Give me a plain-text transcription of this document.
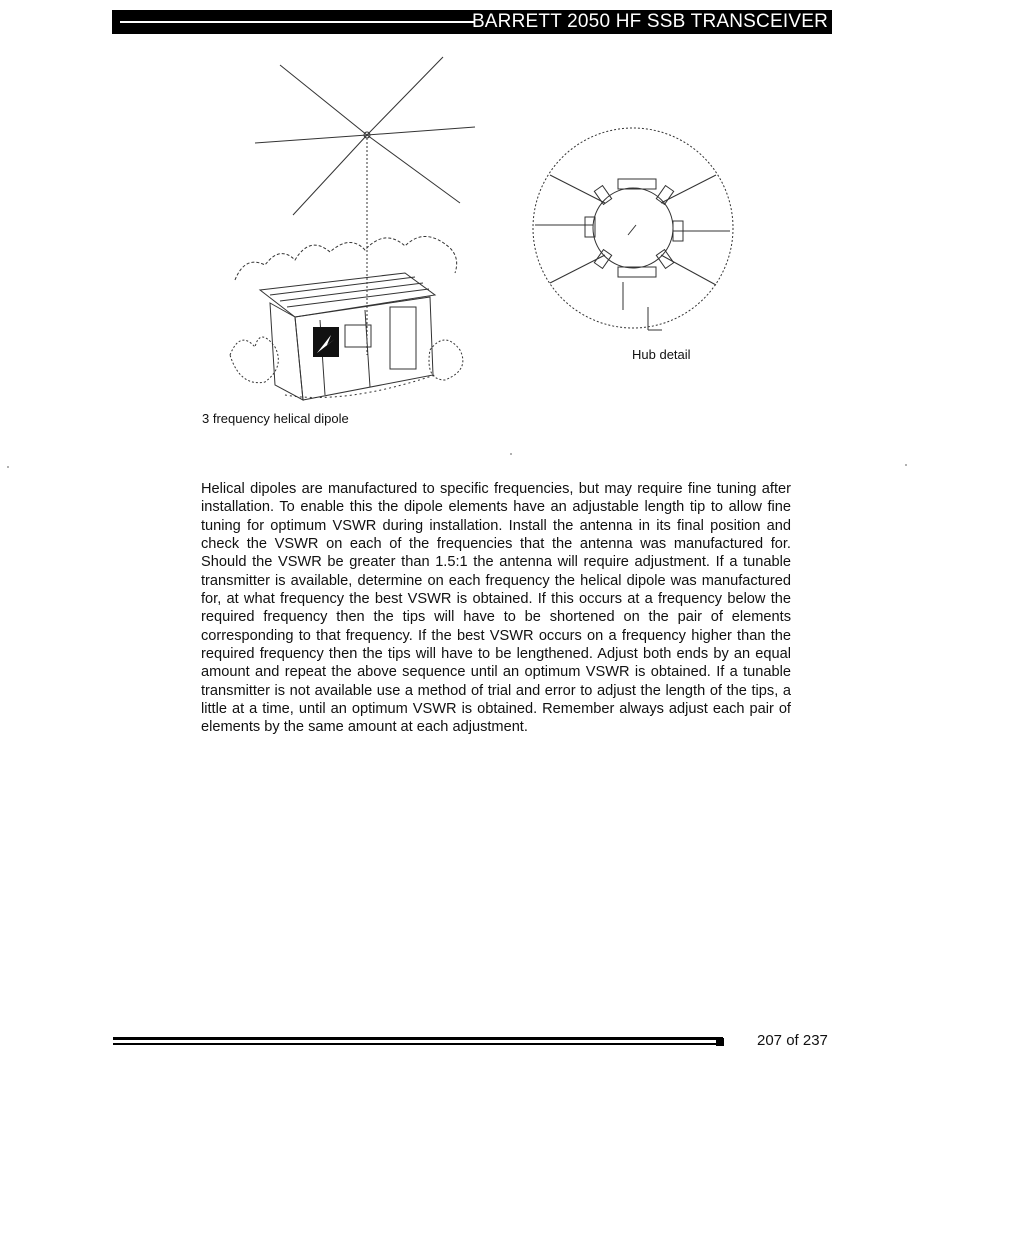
BARRETT 2050 HF SSB TRANSCEIVER
3 frequency helical dipole
Hub detail

Helical dipoles are manufactured to specific frequencies, but may require fine tuning after installation. To enable this the dipole elements have an adjustable length tip to allow fine tuning for optimum VSWR during installation. Install the antenna in its final position and check the VSWR on each of the frequencies that the antenna was manufactured for. Should the VSWR be greater than 1.5:1 the antenna will require adjustment. If a tunable transmitter is available, determine on each frequency the helical dipole was manufactured for, at what frequency the best VSWR is obtained. If this occurs at a frequency below the required frequency then the tips will have to be shortened on the pair of elements corresponding to that frequency. If the best VSWR occurs on a frequency higher than the required frequency then the tips will have to be lengthened. Adjust both ends by an equal amount and repeat the above sequence until an optimum VSWR is obtained. If a tunable transmitter is not available use a method of trial and error to adjust the length of the tips, a little at a time, until an optimum VSWR is obtained. Remember always adjust each pair of elements by the same amount at each adjustment.

207 of 237
